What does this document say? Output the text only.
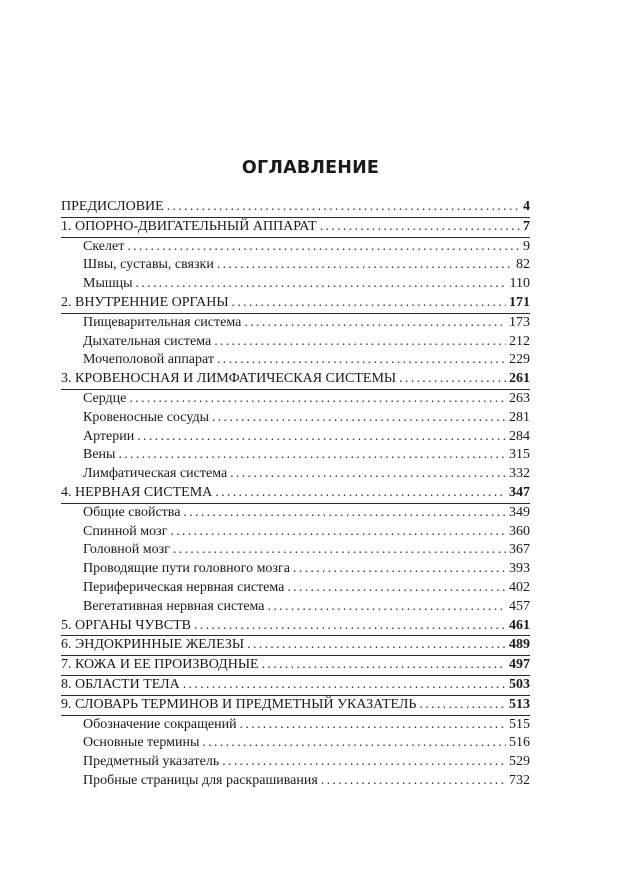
ОГЛАВЛЕНИЕ
ПРЕДИСЛОВИЕ . . .	4
1. ОПОРНО-ДВИГАТЕЛЬНЫЙ АППАРАТ . . .	7
Скелет . . .	9
Швы, суставы, связки . . .	82
Мышцы . . .	110
2. ВНУТРЕННИЕ ОРГАНЫ . . .	171
Пищеварительная система . . .	173
Дыхательная система . . .	212
Мочеполовой аппарат . . .	229
3. КРОВЕНОСНАЯ И ЛИМФАТИЧЕСКАЯ СИСТЕМЫ . . .	261
Сердце . . .	263
Кровеносные сосуды . . .	281
Артерии . . .	284
Вены . . .	315
Лимфатическая система . . .	332
4. НЕРВНАЯ СИСТЕМА . . .	347
Общие свойства . . .	349
Спинной мозг . . .	360
Головной мозг . . .	367
Проводящие пути головного мозга . . .	393
Периферическая нервная система . . .	402
Вегетативная нервная система . . .	457
5. ОРГАНЫ ЧУВСТВ . . .	461
6. ЭНДОКРИННЫЕ ЖЕЛЕЗЫ . . .	489
7. КОЖА И ЕЕ ПРОИЗВОДНЫЕ . . .	497
8. ОБЛАСТИ ТЕЛА . . .	503
9. СЛОВАРЬ ТЕРМИНОВ И ПРЕДМЕТНЫЙ УКАЗАТЕЛЬ . . .	513
Обозначение сокращений . . .	515
Основные термины . . .	516
Предметный указатель . . .	529
Пробные страницы для раскрашивания . . .	732
